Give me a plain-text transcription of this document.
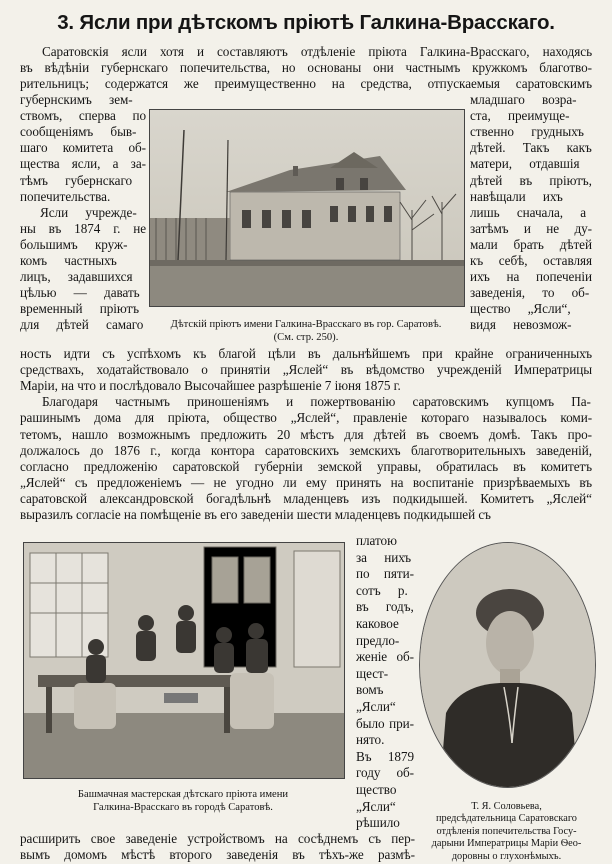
3. Ясли при дѣтскомъ пріютѣ Галкина-Врасскаго.
Саратовскія ясли хотя и составляютъ отдѣленіе пріюта Галкина-Врасскаго, находясь
въ вѣдѣніи губернскаго попечительства, но основаны они частнымъ кружкомъ благотво-
рительницъ; содержатся же преимущественно на средства, отпускаемыя саратовскимъ
губернскимъ зем-
ствомъ, сперва по
сообщеніямъ быв-
шаго комитета об-
щества ясли, а за-
тѣмъ губернскаго
попечительства.
Ясли учрежде-
ны въ 1874 г. не
большимъ круж-
комъ частныхъ
лицъ, задавшихся
цѣлью — давать
временный пріютъ
для дѣтей самаго
младшаго возра-
ста, преимуще-
ственно грудныхъ
дѣтей. Такъ какъ
матери, отдавшія
дѣтей въ пріютъ,
навѣщали ихъ
лишь сначала, а
затѣмъ и не ду-
мали брать дѣтей
къ себѣ, оставляя
ихъ на попеченіи
заведенія, то об-
щество „Ясли“,
видя невозмож-
ность идти съ успѣхомъ къ благой цѣли въ дальнѣйшемъ при крайне ограниченныхъ
средствахъ, ходатайствовало о принятіи „Яслей“ въ вѣдомство учрежденій Императрицы
Маріи, на что и послѣдовало Высочайшее разрѣшеніе 7 іюня 1875 г.
Благодаря частнымъ приношеніямъ и пожертвованію саратовскимъ купцомъ Па-
рашинымъ дома для пріюта, общество „Яслей“, правленіе котораго называлось коми-
тетомъ, нашло возможнымъ предложить 20 мѣстъ для дѣтей въ своемъ домѣ. Такъ про-
должалось до 1876 г., когда контора саратовскихъ земскихъ благотворительныхъ заведеній,
согласно предложенію саратовской губерніи земской управы, обратилась въ комитетъ
„Яслей“ съ предложеніемъ — не угодно ли ему принять на воспитаніе призрѣваемыхъ въ
саратовской александровской богадѣльнѣ младенцевъ изъ подкидышей. Комитетъ „Яслей“
выразилъ согласіе на помѣщеніе въ его заведеніи шести младенцевъ подкидышей съ
платою
за нихъ
по пяти-
сотъ р.
въ годъ,
каковое
предло-
женіе об-
щест-
вомъ
„Ясли“
было при-
нято.
Въ 1879
году об-
щество
„Ясли“
рѣшило
расширить свое заведеніе устройствомъ на сосѣднемъ съ пер-
вымъ домомъ мѣстѣ второго заведенія въ тѣхъ-же размѣ-
Дѣтскій пріютъ имени Галкина-Врасскаго въ гор. Саратовѣ.
(См. стр. 250).
Башмачная мастерская дѣтскаго пріюта имени
Галкина-Врасскаго въ городѣ Саратовѣ.	Т. Я. Соловьева,
предсѣдательница Саратовскаго
отдѣленія попечительства Госу-
дарыни Императрицы Маріи Ѳео-
доровны о глухонѣмыхъ.
